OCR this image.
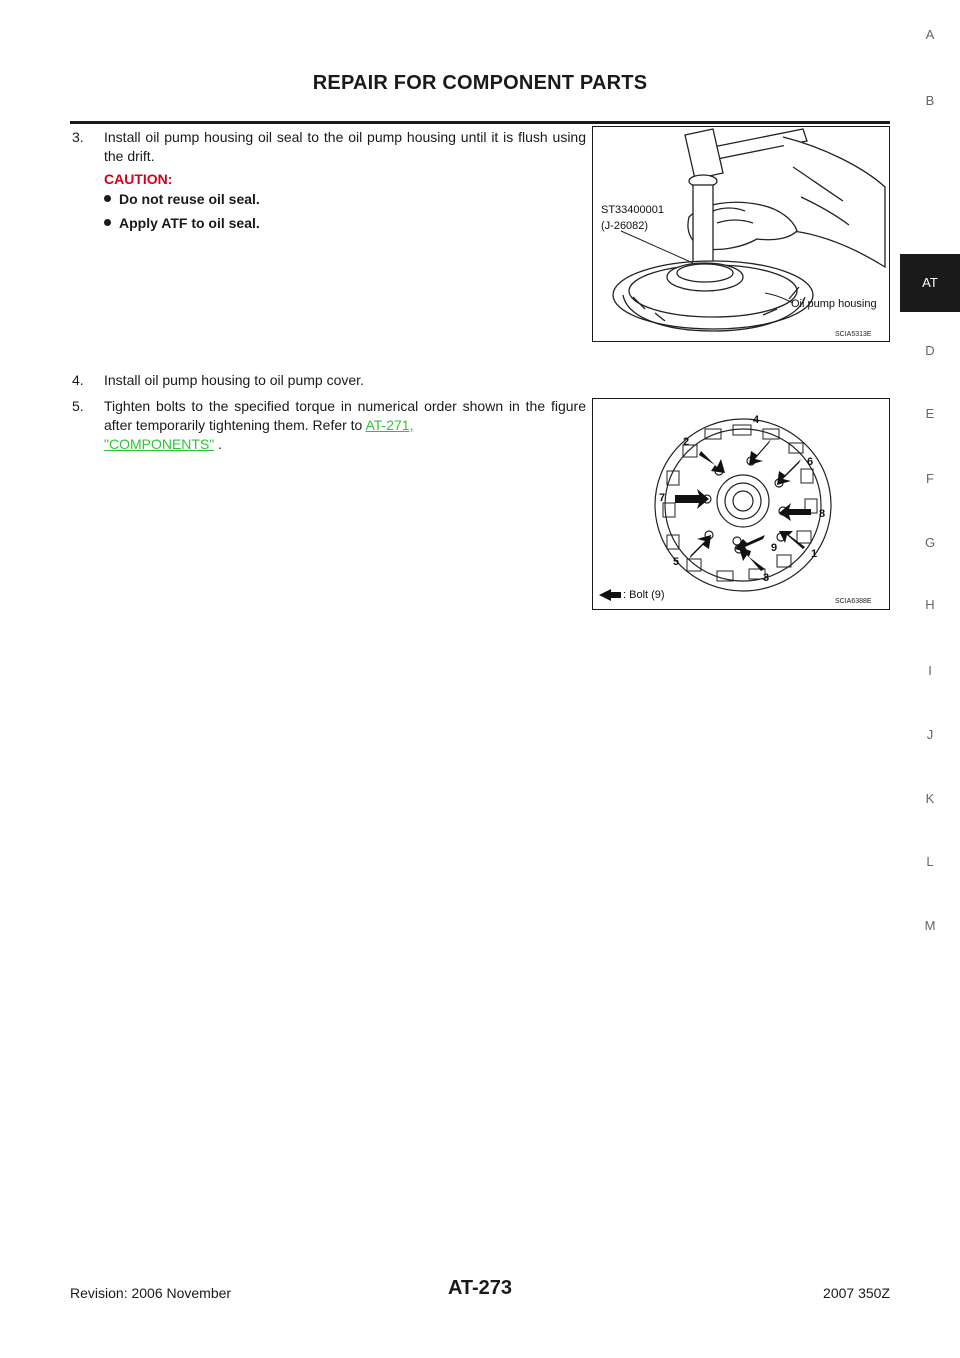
REPAIR FOR COMPONENT PARTS
A
B
AT
D
E
F
G
H
I
J
K
L
M
3. Install oil pump housing oil seal to the oil pump housing until it is flush using the drift.
CAUTION:
Do not reuse oil seal.
Apply ATF to oil seal.
ST33400001
(J-26082)
Oil pump housing
SCIA5313E
4. Install oil pump housing to oil pump cover.
5. Tighten bolts to the specified torque in numerical order shown in the figure after temporarily tightening them. Refer to AT-271,
"COMPONENTS" .	2
4
6
7
8
9	1
5
3
: Bolt (9)
SCIA6388E
Revision: 2006 November	AT-273	2007 350Z
